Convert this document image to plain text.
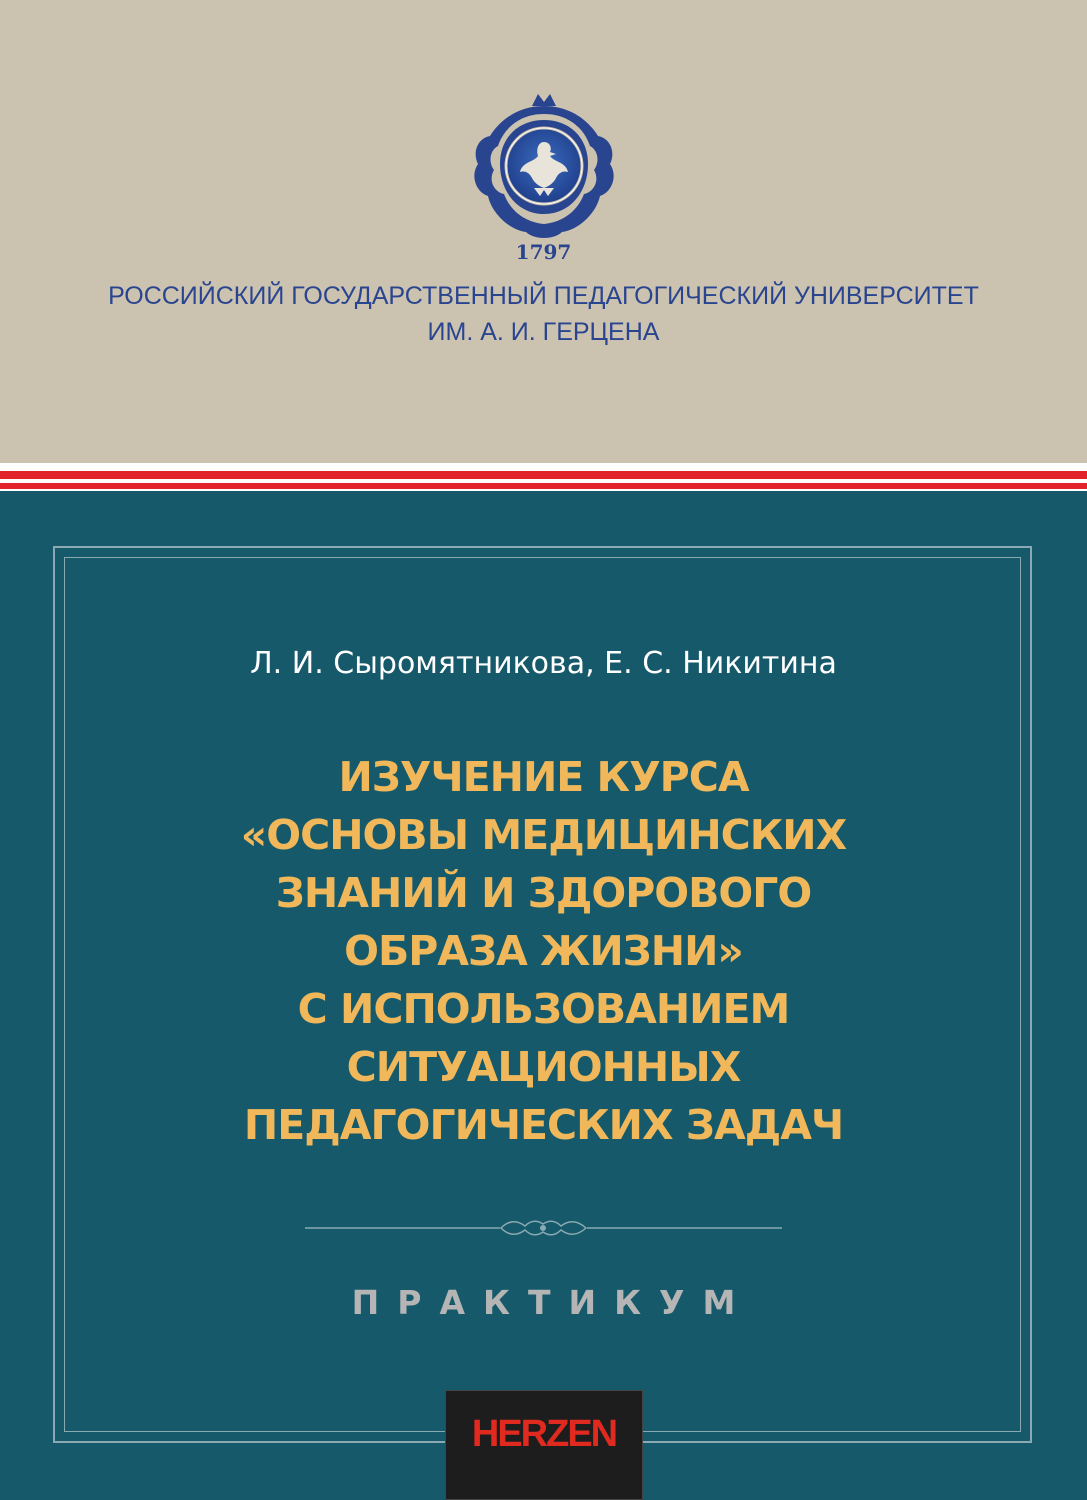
1797
РОССИЙСКИЙ ГОСУДАРСТВЕННЫЙ ПЕДАГОГИЧЕСКИЙ УНИВЕРСИТЕТ
ИМ. А. И. ГЕРЦЕНА
Л. И. Сыромятникова, Е. С. Никитина
ИЗУЧЕНИЕ КУРСА
«ОСНОВЫ МЕДИЦИНСКИХ
ЗНАНИЙ И ЗДОРОВОГО
ОБРАЗА ЖИЗНИ»
С ИСПОЛЬЗОВАНИЕМ
СИТУАЦИОННЫХ
ПЕДАГОГИЧЕСКИХ ЗАДАЧ
ПРАКТИКУМ
HERZEN
